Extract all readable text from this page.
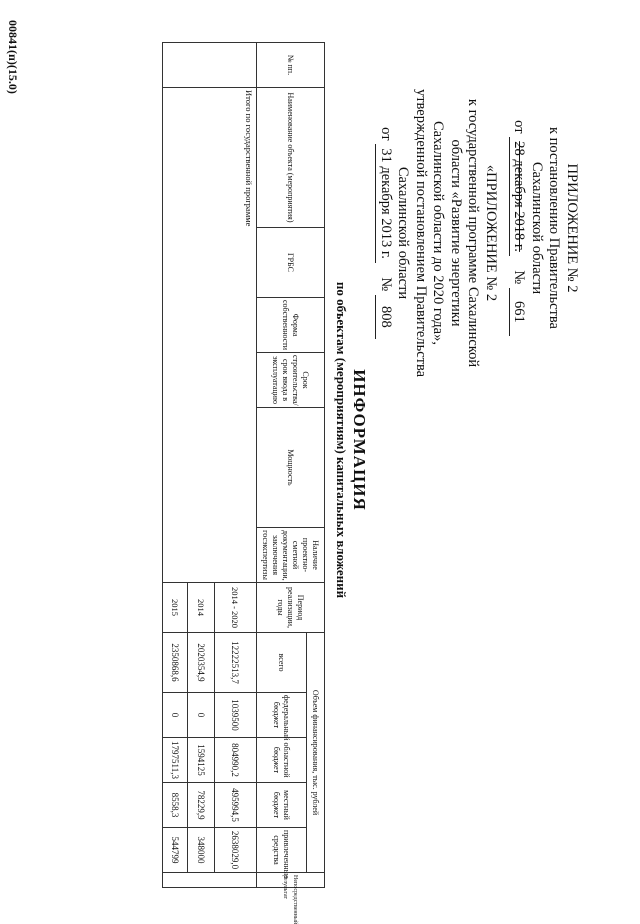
ПРИЛОЖЕНИЕ № 2
к постановлению Правительства
Сахалинской области
от 28 декабря 2018 г.    № 661
«ПРИЛОЖЕНИЕ № 2
к государственной программе Сахалинской
области «Развитие энергетики
Сахалинской области до 2020 года»,
утвержденной постановлением Правительства
Сахалинской области
от 31 декабря 2013 г.    № 808
ИНФОРМАЦИЯ
по объектам (мероприятиям) капитальных вложений
№ пп.	Наименование объекта (мероприятия)	ГРБС	Форма собственности	Срок строительства/срок ввода в эксплуатацию	Мощность	Наличие проектно-сметной документации, заключения госэкспертизы	Период реализации, годы	Объем финансирования, тыс. рублей					Непосредственный результат
								всего	федеральный бюджет	областной бюджет	местный бюджет	привлеченные средства	
	Итого по государственной программе						2014 - 2020	12222513,7	1039500	804990,2	495994,5	2638029,0	
							2014	2020354,9	0	1594125	78229,9	348000	
							2015	2350868,6	0	1797511,3	8558,3	544799	
00841(п)(15.0)
